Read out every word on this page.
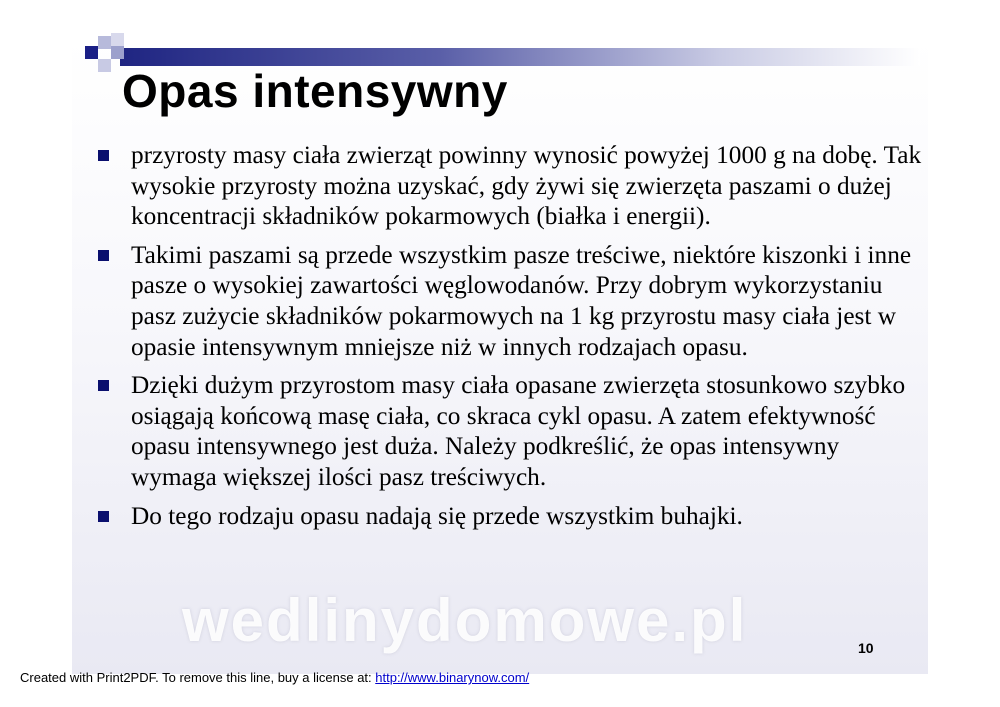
Opas intensywny
przyrosty masy ciała zwierząt powinny wynosić powyżej 1000 g na dobę. Tak wysokie przyrosty można uzyskać, gdy żywi się zwierzęta paszami o dużej koncentracji składników pokarmowych (białka i energii).
Takimi paszami są przede wszystkim pasze treściwe, niektóre kiszonki i inne pasze o wysokiej zawartości węglowodanów. Przy dobrym wykorzystaniu pasz zużycie składników pokarmowych na 1 kg przyrostu masy ciała jest w opasie intensywnym mniejsze niż w innych rodzajach opasu.
Dzięki dużym przyrostom masy ciała opasane zwierzęta stosunkowo szybko osiągają końcową masę ciała, co skraca cykl opasu. A zatem efektywność opasu intensywnego jest duża. Należy podkreślić, że opas intensywny wymaga większej ilości pasz treściwych.
Do tego rodzaju opasu nadają się przede wszystkim buhajki.
wedlinydomowe.pl	10
Created with Print2PDF. To remove this line, buy a license at: http://www.binarynow.com/
